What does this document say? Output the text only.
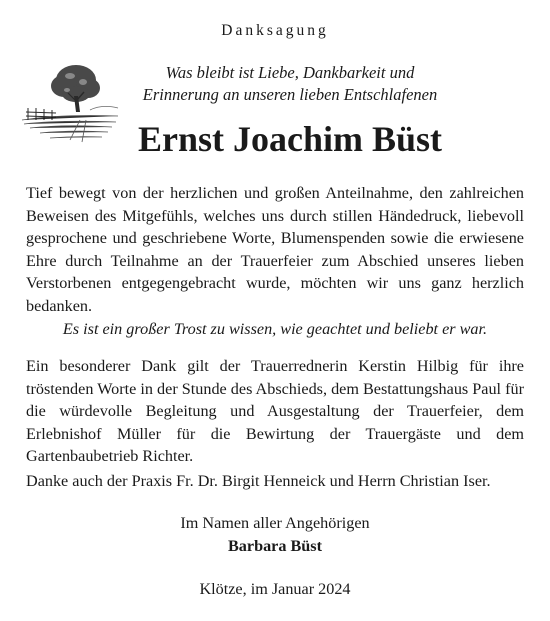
Danksagung
Was bleibt ist Liebe, Dankbarkeit und
Erinnerung an unseren lieben Entschlafenen
Ernst Joachim Büst
Tief bewegt von der herzlichen und großen Anteilnahme, den zahlreichen Beweisen des Mitgefühls, welches uns durch stillen Händedruck, liebevoll gesprochene und geschriebene Worte, Blumenspenden sowie die erwiesene Ehre durch Teilnahme an der Trauerfeier zum Abschied unseres lieben Verstorbenen entgegengebracht wurde, möchten wir uns ganz herzlich bedanken.
Es ist ein großer Trost zu wissen, wie geachtet und beliebt er war.
Ein besonderer Dank gilt der Trauerrednerin Kerstin Hilbig für ihre tröstenden Worte in der Stunde des Abschieds, dem Bestattungshaus Paul für die würdevolle Begleitung und Ausgestaltung der Trauerfeier, dem Erlebnishof Müller für die Bewirtung der Trauergäste und dem Gartenbaubetrieb Richter.
Danke auch der Praxis Fr. Dr. Birgit Henneick und Herrn Christian Iser.
Im Namen aller Angehörigen
Barbara Büst
Klötze, im Januar 2024
